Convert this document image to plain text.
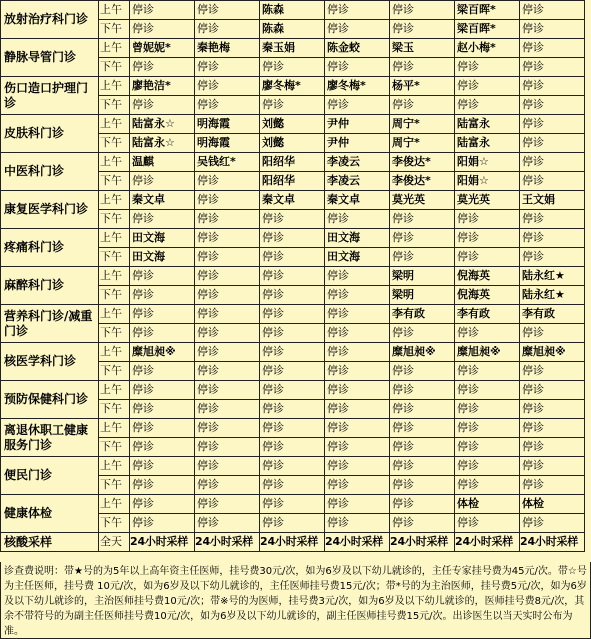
放射治疗科门诊	上午	停诊	停诊	陈森	停诊	停诊	梁百晖*	停诊
	下午	停诊	停诊	陈森	停诊	停诊	梁百晖*	停诊
静脉导管门诊	上午	曾妮妮*	秦艳梅	秦玉娟	陈金蛟	梁玉	赵小梅*	停诊
	下午	停诊	停诊	停诊	停诊	停诊	停诊	停诊
伤口造口护理门诊	上午	廖艳洁*	停诊	廖冬梅*	廖冬梅*	杨平*	停诊	停诊
	下午	停诊	停诊	停诊	停诊	停诊	停诊	停诊
皮肤科门诊	上午	陆富永☆	明海霞	刘懿	尹仲	周宁*	陆富永	停诊
	下午	陆富永☆	明海霞	刘懿	尹仲	周宁*	陆富永	停诊
中医科门诊	上午	温麒	吴钱红*	阳绍华	李凌云	李俊达*	阳娟☆	停诊
	下午	停诊	停诊	阳绍华	李凌云	李俊达*	阳娟☆	停诊
康复医学科门诊	上午	秦文卓	停诊	秦文卓	秦文卓	莫光英	莫光英	王文娟
	下午	停诊	停诊	停诊	停诊	停诊	停诊	停诊
疼痛科门诊	上午	田文海	停诊	停诊	田文海	停诊	停诊	停诊
	下午	田文海	停诊	停诊	田文海	停诊	停诊	停诊
麻醉科门诊	上午	停诊	停诊	停诊	停诊	梁明	倪海英	陆永红★
	下午	停诊	停诊	停诊	停诊	梁明	倪海英	陆永红★
营养科门诊/减重门诊	上午	停诊	停诊	停诊	停诊	李有政	李有政	李有政
	下午	停诊	停诊	停诊	停诊	停诊	停诊	停诊
核医学科门诊	上午	糜旭昶※	停诊	停诊	停诊	糜旭昶※	糜旭昶※	糜旭昶※
	下午	停诊	停诊	停诊	停诊	停诊	停诊	停诊
预防保健科门诊	上午	停诊	停诊	停诊	停诊	停诊	停诊	停诊
	下午	停诊	停诊	停诊	停诊	停诊	停诊	停诊
离退休职工健康服务门诊	上午	停诊	停诊	停诊	停诊	停诊	停诊	停诊
	下午	停诊	停诊	停诊	停诊	停诊	停诊	停诊
便民门诊	上午	停诊	停诊	停诊	停诊	停诊	停诊	停诊
	下午	停诊	停诊	停诊	停诊	停诊	停诊	停诊
健康体检	上午	停诊	停诊	停诊	停诊	停诊	体检	体检
	下午	停诊	停诊	停诊	停诊	停诊	停诊	停诊
核酸采样	全天	24小时采样	24小时采样	24小时采样	24小时采样	24小时采样	24小时采样	24小时采样

诊查费说明：带★号的为5年以上高年资主任医师，挂号费30元/次，如为6岁及以下幼儿就诊的，主任专家挂号费为45元/次。带☆号为主任医师，挂号费 10元/次，如为6岁及以下幼儿就诊的，主任医师挂号费15元/次；带*号的为主治医师，挂号费5元/次，如为6岁及以下幼儿就诊的，主治医师挂号费10元/次；带※号的为医师，挂号费3元/次，如为6岁及以下幼儿就诊的，医师挂号费8元/次，其余不带符号的为副主任医师挂号费10元/次，如为6岁及以下幼儿就诊的，副主任医师挂号费15元/次。出诊医生以当天实时公布为准。
